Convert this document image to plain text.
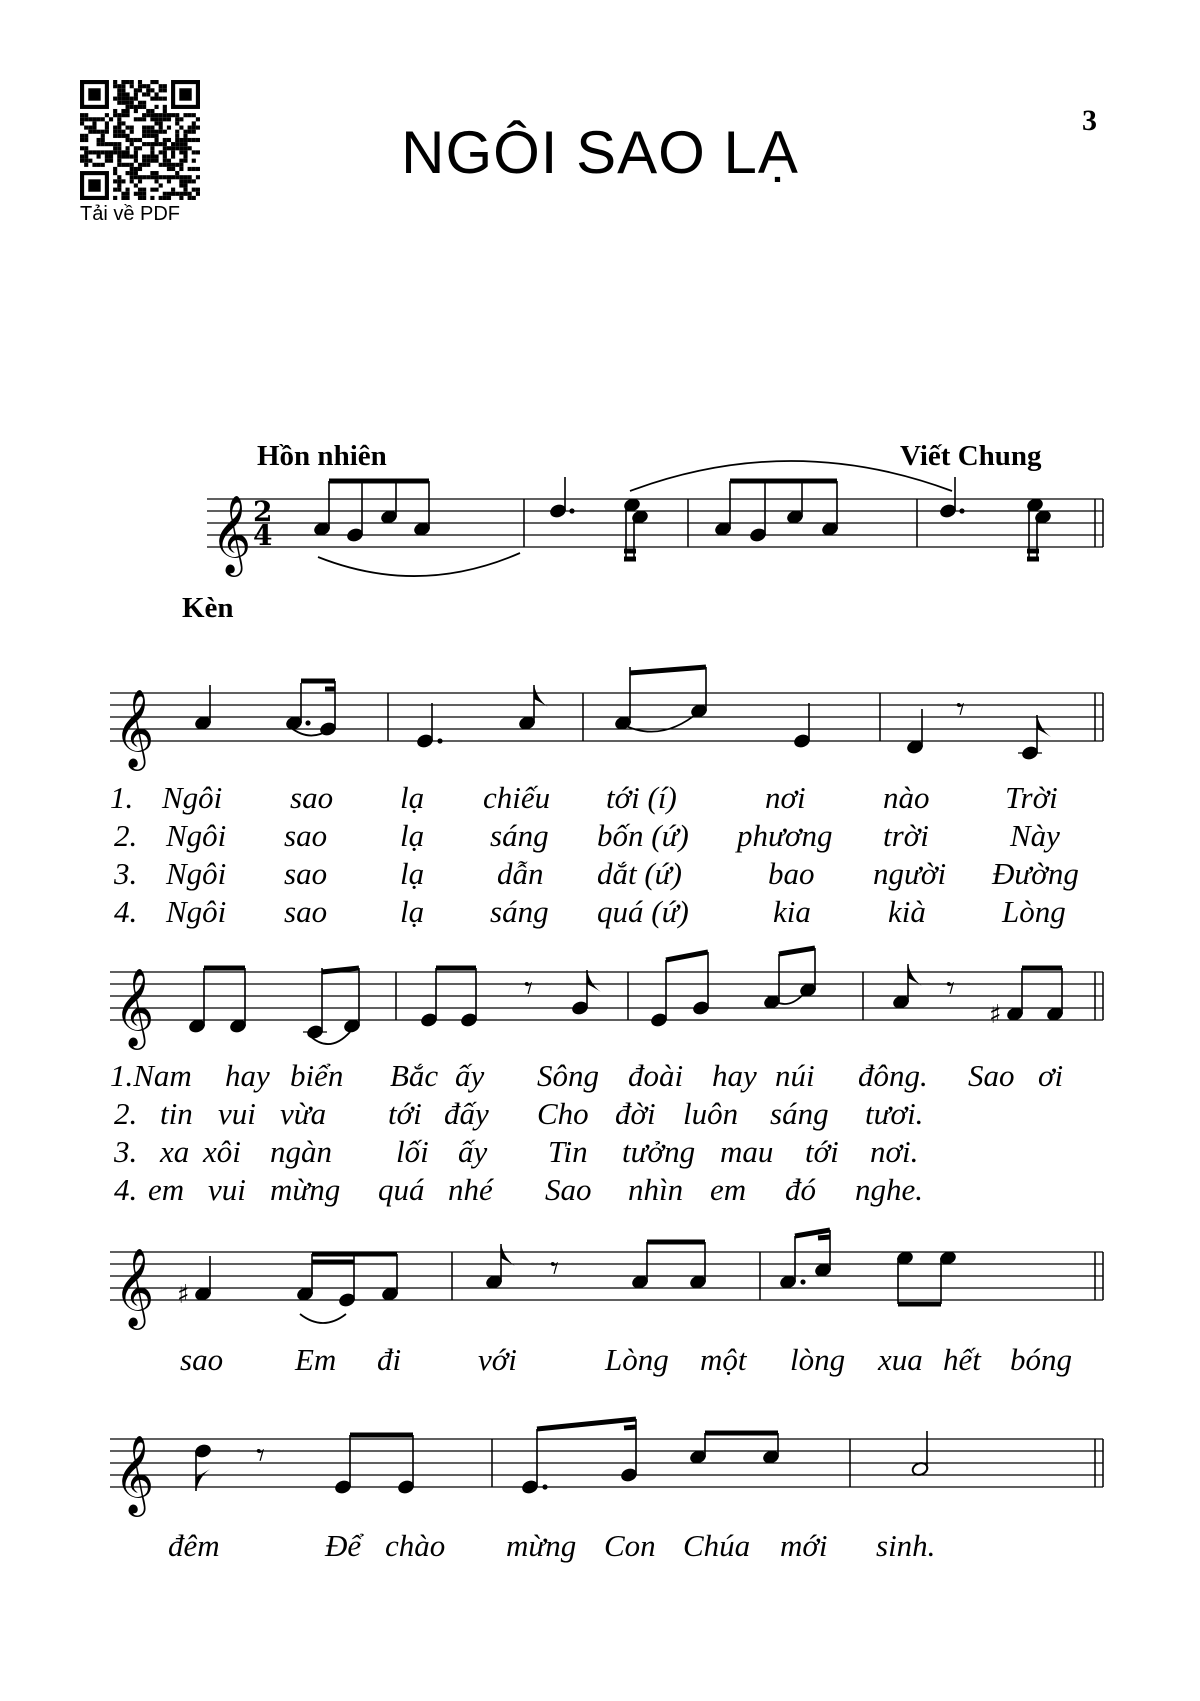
Tải về PDF
NGÔI SAO LẠ	3
Hồn nhiên	Viết Chung
Kèn
𝄞 2
4
𝄞	𝄾
𝄞	𝄾	𝄾
♯
𝄞 ♯
𝄾
𝄞	𝄾
1. Ngôi sao lạ chiếu tới (í)	nơi nào Trời
2. Ngôi sao lạ sáng bốn (ứ) phương trời	Này
3. Ngôi sao lạ dẫn dắt (ứ)	bao người Đường
4. Ngôi sao lạ sáng quá (ứ)	kia kià Lòng
1.Nam hay biển Bắc ấy Sông đoài hay núi đông. Sao ơi
2. tin vui vừa tới đấy Cho đời luôn sáng tươi.
3. xa xôi ngàn lối ấy Tin tưởng mau tới nơi.
4. em vui mừng quá nhé Sao nhìn em đó nghe.
sao Em đi với	Lòng một lòng xua hết bóng
đêm	Để chào mừng Con Chúa mới sinh.
